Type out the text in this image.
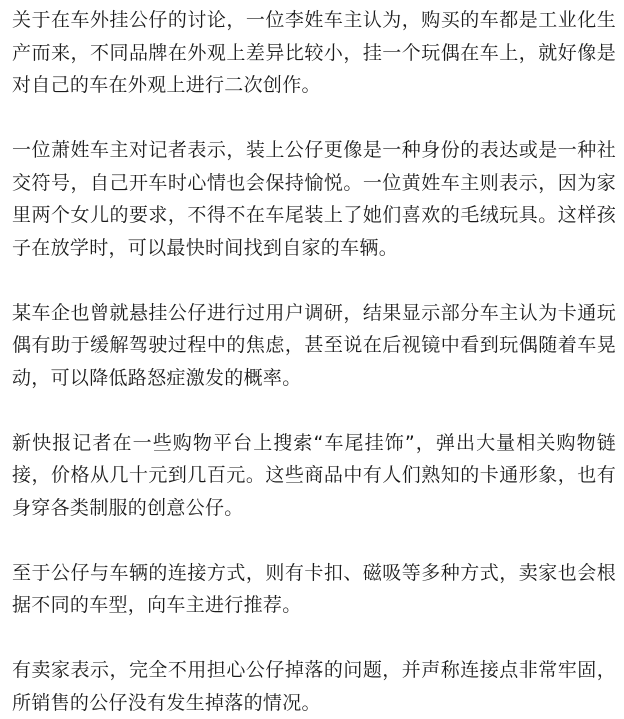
关于在车外挂公仔的讨论，一位李姓车主认为，购买的车都是工业化生产而来，不同品牌在外观上差异比较小，挂一个玩偶在车上，就好像是对自己的车在外观上进行二次创作。

一位萧姓车主对记者表示，装上公仔更像是一种身份的表达或是一种社交符号，自己开车时心情也会保持愉悦。一位黄姓车主则表示，因为家里两个女儿的要求，不得不在车尾装上了她们喜欢的毛绒玩具。这样孩子在放学时，可以最快时间找到自家的车辆。

某车企也曾就悬挂公仔进行过用户调研，结果显示部分车主认为卡通玩偶有助于缓解驾驶过程中的焦虑，甚至说在后视镜中看到玩偶随着车晃动，可以降低路怒症激发的概率。

新快报记者在一些购物平台上搜索“车尾挂饰”，弹出大量相关购物链接，价格从几十元到几百元。这些商品中有人们熟知的卡通形象，也有身穿各类制服的创意公仔。

至于公仔与车辆的连接方式，则有卡扣、磁吸等多种方式，卖家也会根据不同的车型，向车主进行推荐。

有卖家表示，完全不用担心公仔掉落的问题，并声称连接点非常牢固，所销售的公仔没有发生掉落的情况。
